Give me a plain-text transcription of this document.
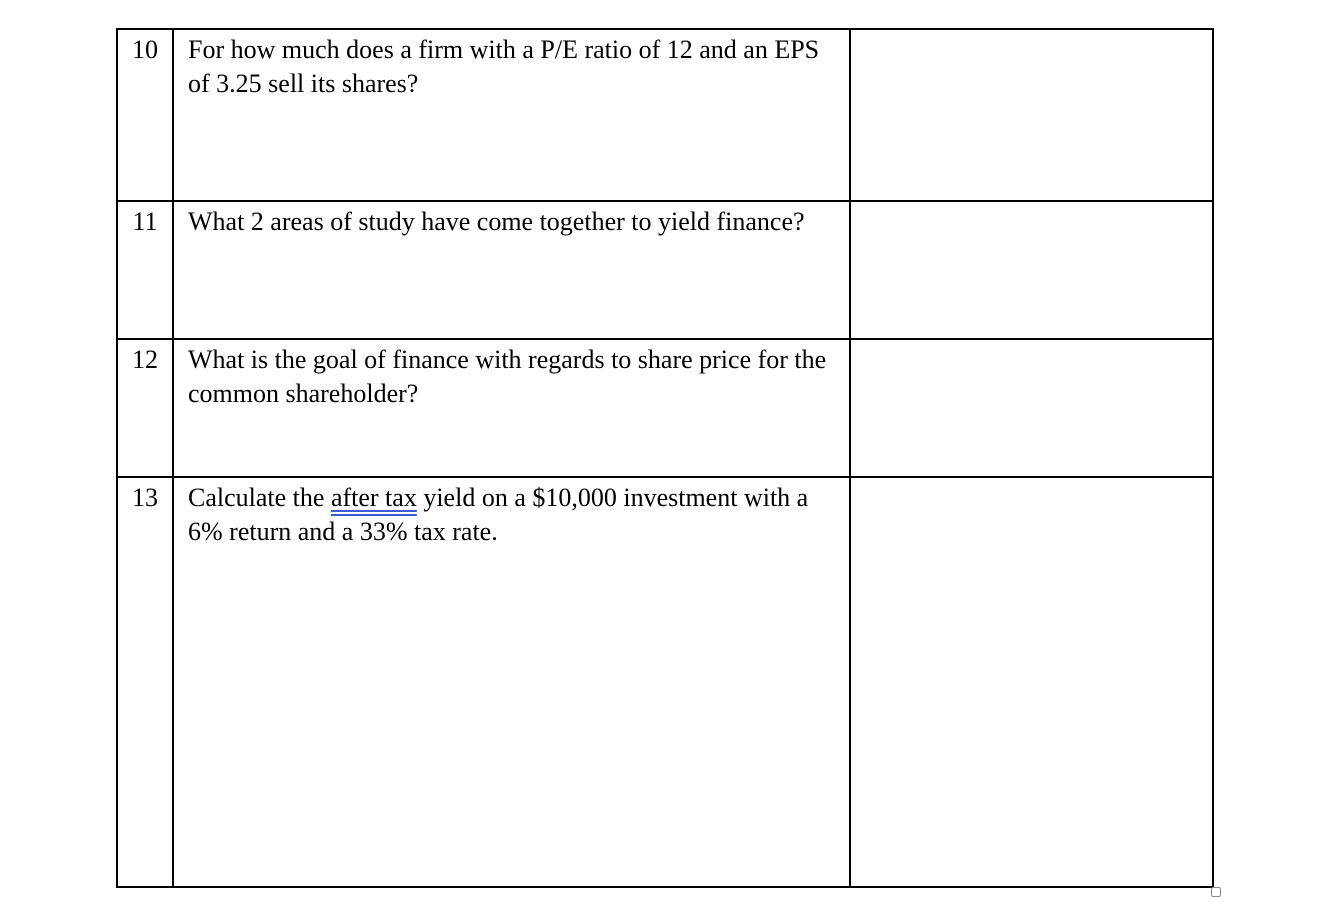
10	For how much does a firm with a P/E ratio of 12 and an EPS of 3.25 sell its shares?	

11	What 2 areas of study have come together to yield finance?	

12	What is the goal of finance with regards to share price for the common shareholder?	

13	Calculate the after tax yield on a $10,000 investment with a 6% return and a 33% tax rate.	
